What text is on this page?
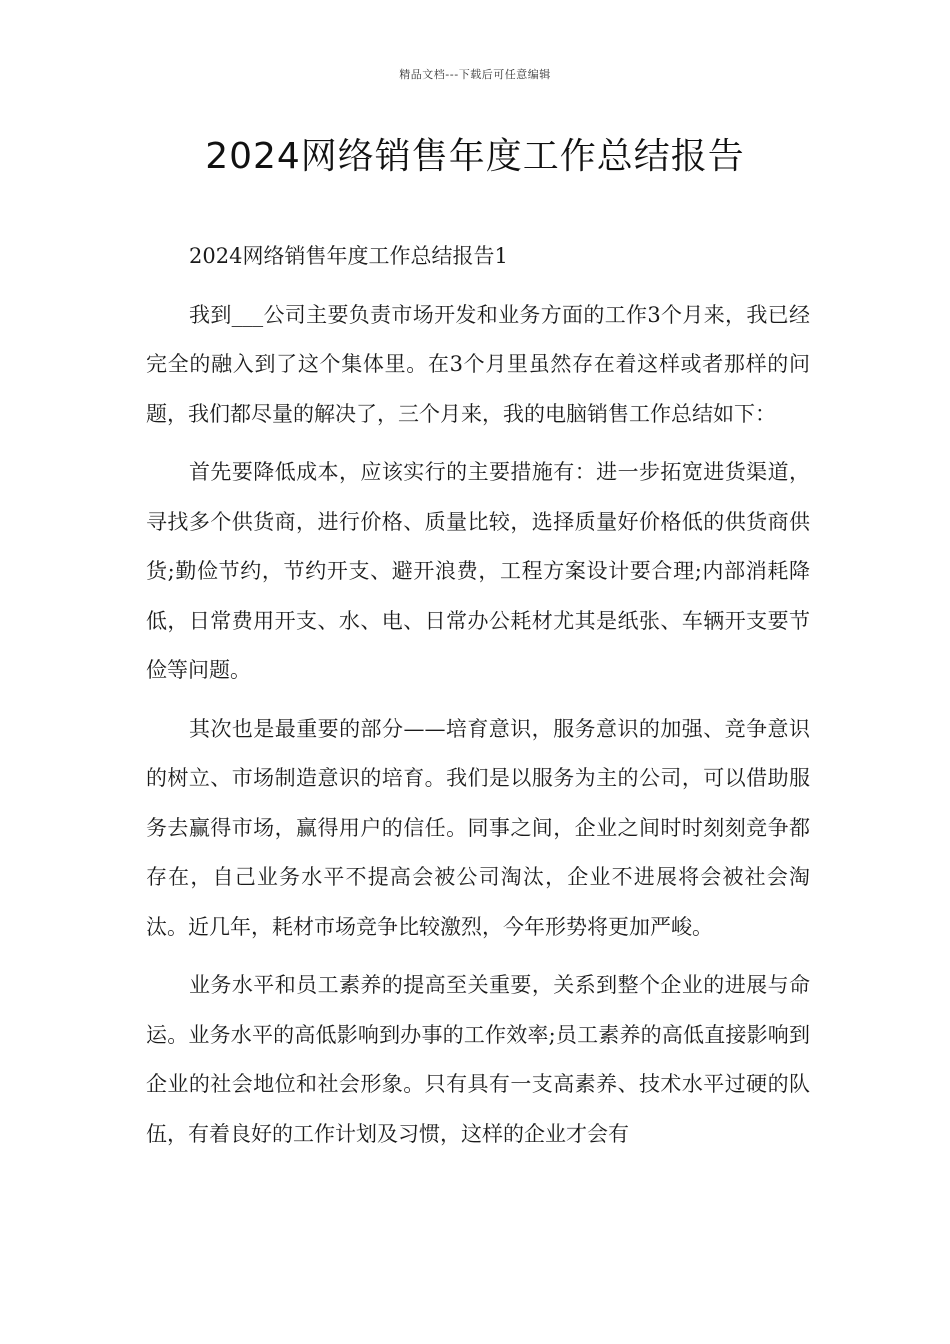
精品文档---下载后可任意编辑
2024网络销售年度工作总结报告

2024网络销售年度工作总结报告1

我到___公司主要负责市场开发和业务方面的工作3个月来，我已经完全的融入到了这个集体里。在3个月里虽然存在着这样或者那样的问题，我们都尽量的解决了，三个月来，我的电脑销售工作总结如下：

首先要降低成本，应该实行的主要措施有：进一步拓宽进货渠道，寻找多个供货商，进行价格、质量比较，选择质量好价格低的供货商供货;勤俭节约，节约开支、避开浪费，工程方案设计要合理;内部消耗降低，日常费用开支、水、电、日常办公耗材尤其是纸张、车辆开支要节俭等问题。

其次也是最重要的部分——培育意识，服务意识的加强、竞争意识的树立、市场制造意识的培育。我们是以服务为主的公司，可以借助服务去赢得市场，赢得用户的信任。同事之间，企业之间时时刻刻竞争都存在，自己业务水平不提高会被公司淘汰，企业不进展将会被社会淘汰。近几年，耗材市场竞争比较激烈，今年形势将更加严峻。

业务水平和员工素养的提高至关重要，关系到整个企业的进展与命运。业务水平的高低影响到办事的工作效率;员工素养的高低直接影响到企业的社会地位和社会形象。只有具有一支高素养、技术水平过硬的队伍，有着良好的工作计划及习惯，这样的企业才会有
